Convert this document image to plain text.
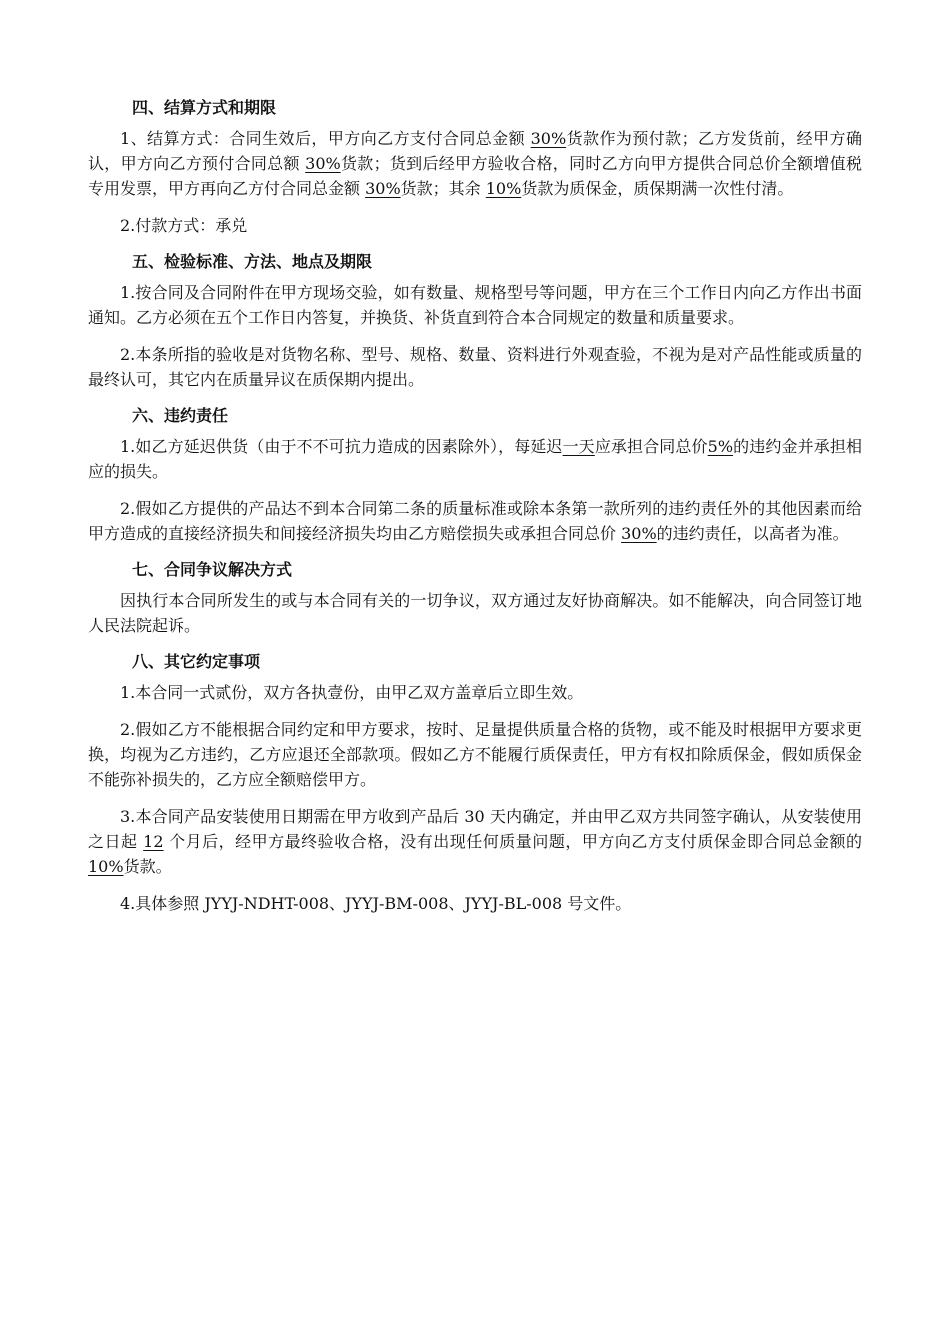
四、结算方式和期限

1、结算方式：合同生效后，甲方向乙方支付合同总金额 30%货款作为预付款；乙方发货前，经甲方确认，甲方向乙方预付合同总额 30%货款；货到后经甲方验收合格，同时乙方向甲方提供合同总价全额增值税专用发票，甲方再向乙方付合同总金额 30%货款；其余 10%货款为质保金，质保期满一次性付清。

2.付款方式：承兑

五、检验标准、方法、地点及期限

1.按合同及合同附件在甲方现场交验，如有数量、规格型号等问题，甲方在三个工作日内向乙方作出书面通知。乙方必须在五个工作日内答复，并换货、补货直到符合本合同规定的数量和质量要求。

2.本条所指的验收是对货物名称、型号、规格、数量、资料进行外观查验，不视为是对产品性能或质量的最终认可，其它内在质量异议在质保期内提出。

六、违约责任

1.如乙方延迟供货（由于不不可抗力造成的因素除外），每延迟一天应承担合同总价5%的违约金并承担相应的损失。

2.假如乙方提供的产品达不到本合同第二条的质量标准或除本条第一款所列的违约责任外的其他因素而给甲方造成的直接经济损失和间接经济损失均由乙方赔偿损失或承担合同总价 30%的违约责任，以高者为准。

七、合同争议解决方式

因执行本合同所发生的或与本合同有关的一切争议，双方通过友好协商解决。如不能解决，向合同签订地人民法院起诉。

八、其它约定事项

1.本合同一式贰份，双方各执壹份，由甲乙双方盖章后立即生效。

2.假如乙方不能根据合同约定和甲方要求，按时、足量提供质量合格的货物，或不能及时根据甲方要求更换，均视为乙方违约，乙方应退还全部款项。假如乙方不能履行质保责任，甲方有权扣除质保金，假如质保金不能弥补损失的，乙方应全额赔偿甲方。

3.本合同产品安装使用日期需在甲方收到产品后 30 天内确定，并由甲乙双方共同签字确认，从安装使用之日起 12 个月后，经甲方最终验收合格，没有出现任何质量问题，甲方向乙方支付质保金即合同总金额的 10%货款。

4.具体参照 JYYJ-NDHT-008、JYYJ-BM-008、JYYJ-BL-008 号文件。
